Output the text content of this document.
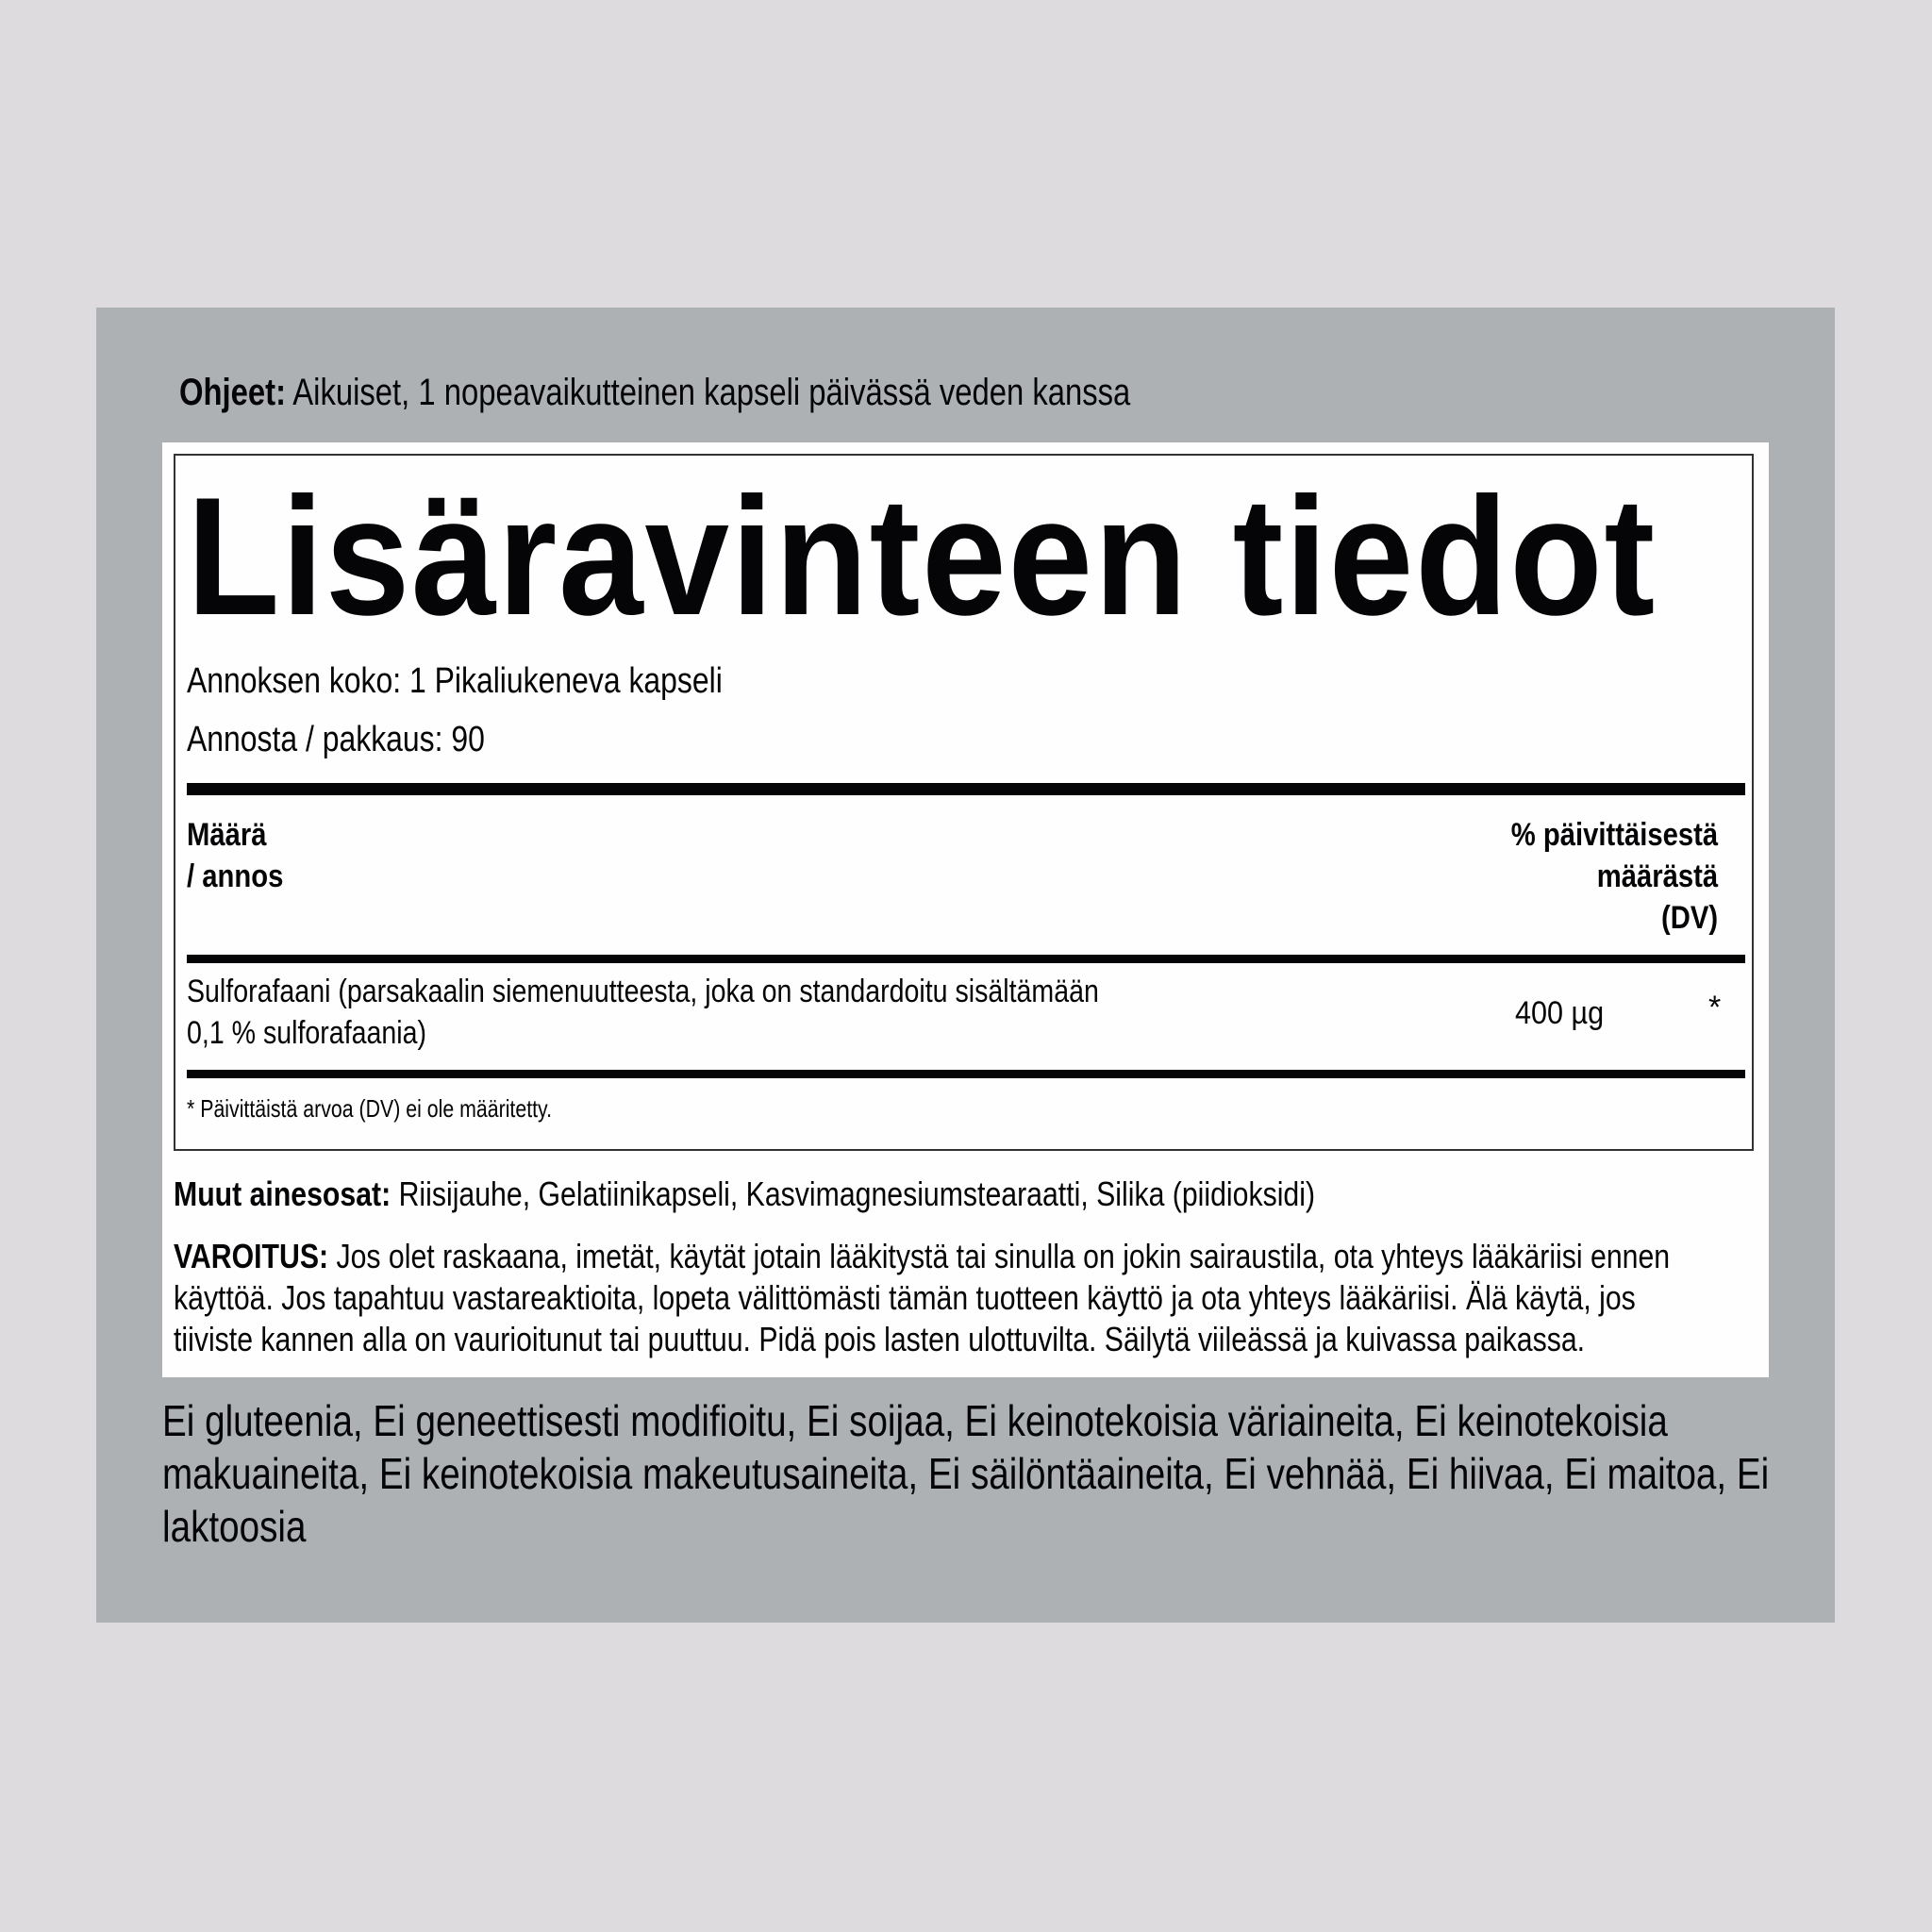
Ohjeet: Aikuiset, 1 nopeavaikutteinen kapseli päivässä veden kanssa
Lisäravinteen tiedot
Annoksen koko: 1 Pikaliukeneva kapseli
Annosta / pakkaus: 90
Määrä
/ annos
% päivittäisestä
määrästä
(DV)
Sulforafaani (parsakaalin siemenuutteesta, joka on standardoitu sisältämään
0,1 % sulforafaania)
400 µg	*
* Päivittäistä arvoa (DV) ei ole määritetty.
Muut ainesosat: Riisijauhe, Gelatiinikapseli, Kasvimagnesiumstearaatti, Silika (piidioksidi)
VAROITUS: Jos olet raskaana, imetät, käytät jotain lääkitystä tai sinulla on jokin sairaustila, ota yhteys lääkäriisi ennen
käyttöä. Jos tapahtuu vastareaktioita, lopeta välittömästi tämän tuotteen käyttö ja ota yhteys lääkäriisi. Älä käytä, jos
tiiviste kannen alla on vaurioitunut tai puuttuu. Pidä pois lasten ulottuvilta. Säilytä viileässä ja kuivassa paikassa.
Ei gluteenia, Ei geneettisesti modifioitu, Ei soijaa, Ei keinotekoisia väriaineita, Ei keinotekoisia
makuaineita, Ei keinotekoisia makeutusaineita, Ei säilöntäaineita, Ei vehnää, Ei hiivaa, Ei maitoa, Ei
laktoosia
